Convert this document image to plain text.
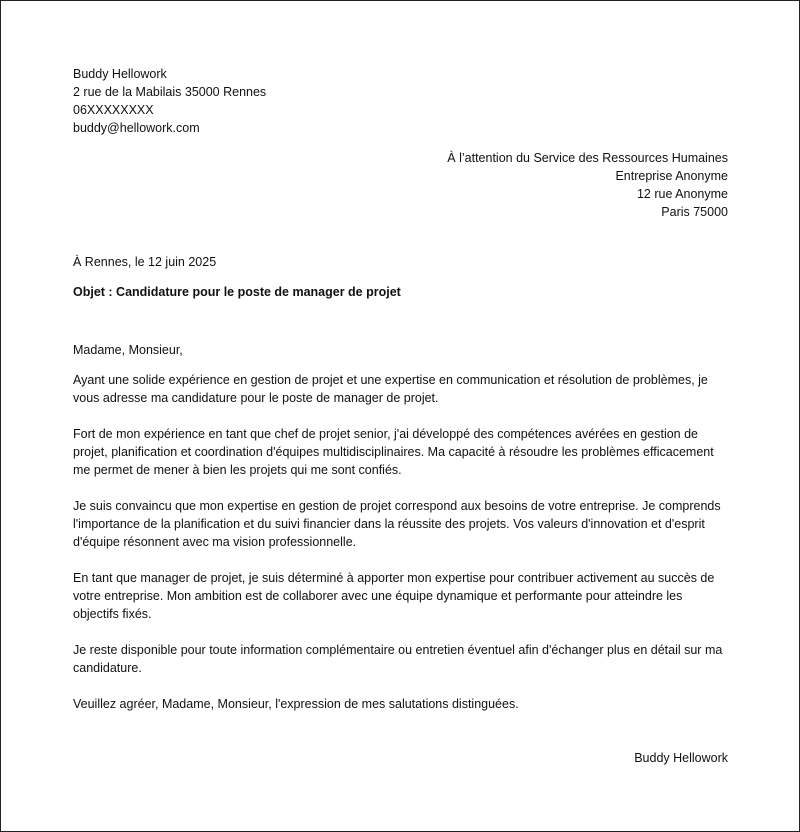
Buddy Hellowork

2 rue de la Mabilais 35000 Rennes

06XXXXXXXX

buddy@hellowork.com

À l’attention du Service des Ressources Humaines

Entreprise Anonyme

12 rue Anonyme

Paris 75000

À Rennes, le 12 juin 2025
Objet : Candidature pour le poste de manager de projet
Madame, Monsieur,

Ayant une solide expérience en gestion de projet et une expertise en communication et résolution de problèmes, je vous adresse ma candidature pour le poste de manager de projet.

Fort de mon expérience en tant que chef de projet senior, j'ai développé des compétences avérées en gestion de projet, planification et coordination d'équipes multidisciplinaires. Ma capacité à résoudre les problèmes efficacement me permet de mener à bien les projets qui me sont confiés.

Je suis convaincu que mon expertise en gestion de projet correspond aux besoins de votre entreprise. Je comprends l'importance de la planification et du suivi financier dans la réussite des projets. Vos valeurs d'innovation et d'esprit d'équipe résonnent avec ma vision professionnelle.

En tant que manager de projet, je suis déterminé à apporter mon expertise pour contribuer activement au succès de votre entreprise. Mon ambition est de collaborer avec une équipe dynamique et performante pour atteindre les objectifs fixés.

Je reste disponible pour toute information complémentaire ou entretien éventuel afin d'échanger plus en détail sur ma candidature.

Veuillez agréer, Madame, Monsieur, l'expression de mes salutations distinguées.

Buddy Hellowork
